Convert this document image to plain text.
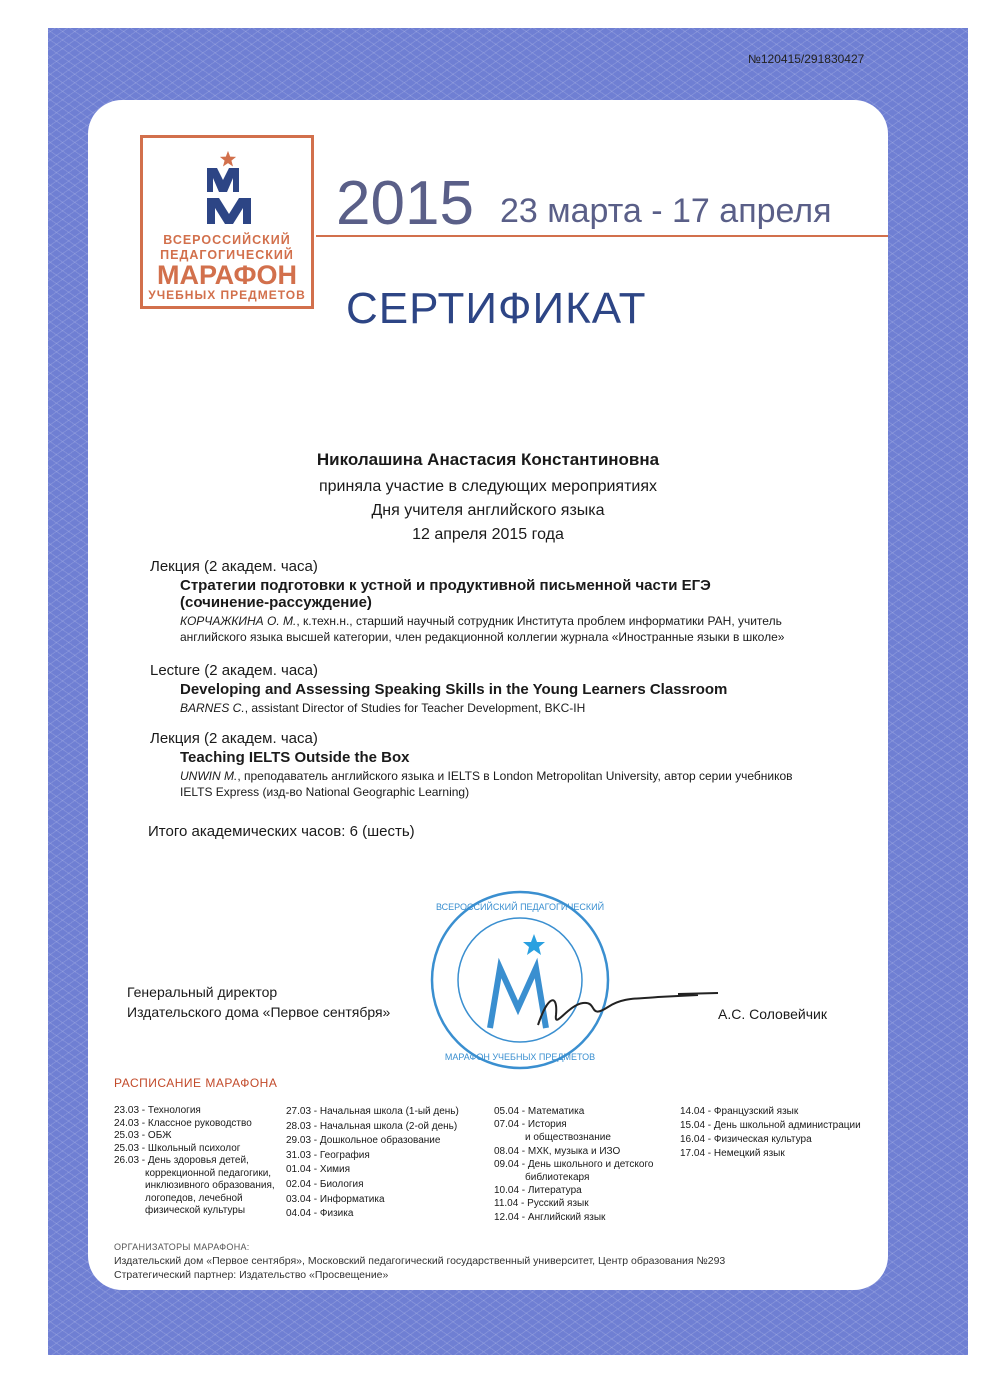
№120415/291830427
ВСЕРОССИЙСКИЙ
ПЕДАГОГИЧЕСКИЙ
МАРАФОН
УЧЕБНЫХ ПРЕДМЕТОВ
2015 23 марта - 17 апреля
СЕРТИФИКАТ
Николашина Анастасия Константиновна
приняла участие в следующих мероприятиях
Дня учителя английского языка
12 апреля 2015 года
Лекция (2 академ. часа)
Стратегии подготовки к устной и продуктивной письменной части ЕГЭ
(сочинение-рассуждение)
КОРЧАЖКИНА О. М., к.техн.н., старший научный сотрудник Института проблем информатики РАН, учитель
английского языка высшей категории, член редакционной коллегии журнала «Иностранные языки в школе»
Lecture (2 академ. часа)
Developing and Assessing Speaking Skills in the Young Learners Classroom
BARNES C., assistant Director of Studies for Teacher Development, BKC-IH
Лекция (2 академ. часа)
Teaching IELTS Outside the Box
UNWIN M., преподаватель английского языка и IELTS в London Metropolitan University, автор серии учебников
IELTS Express (изд-во National Geographic Learning)
Итого академических часов: 6 (шесть)
ВСЕРОССИЙСКИЙ ПЕДАГОГИЧЕСКИЙ
МАРАФОН УЧЕБНЫХ ПРЕДМЕТОВ
Генеральный директор
Издательского дома «Первое сентября»	А.С. Соловейчик
РАСПИСАНИЕ МАРАФОНА
23.03 - Технология
24.03 - Классное руководство
25.03 - ОБЖ
25.03 - Школьный психолог
26.03 - День здоровья детей,
коррекционной педагогики,
инклюзивного образования,
логопедов, лечебной
физической культуры
27.03 - Начальная школа (1-ый день)
28.03 - Начальная школа (2-ой день)
29.03 - Дошкольное образование
31.03 - География
01.04 - Химия
02.04 - Биология
03.04 - Информатика
04.04 - Физика
05.04 - Математика
07.04 - История
и обществознание
08.04 - МХК, музыка и ИЗО
09.04 - День школьного и детского
библиотекаря
10.04 - Литература
11.04 - Русский язык
12.04 - Английский язык
14.04 - Французский язык
15.04 - День школьной администрации
16.04 - Физическая культура
17.04 - Немецкий язык
ОРГАНИЗАТОРЫ МАРАФОНА:
Издательский дом «Первое сентября», Московский педагогический государственный университет, Центр образования №293
Стратегический партнер: Издательство «Просвещение»
